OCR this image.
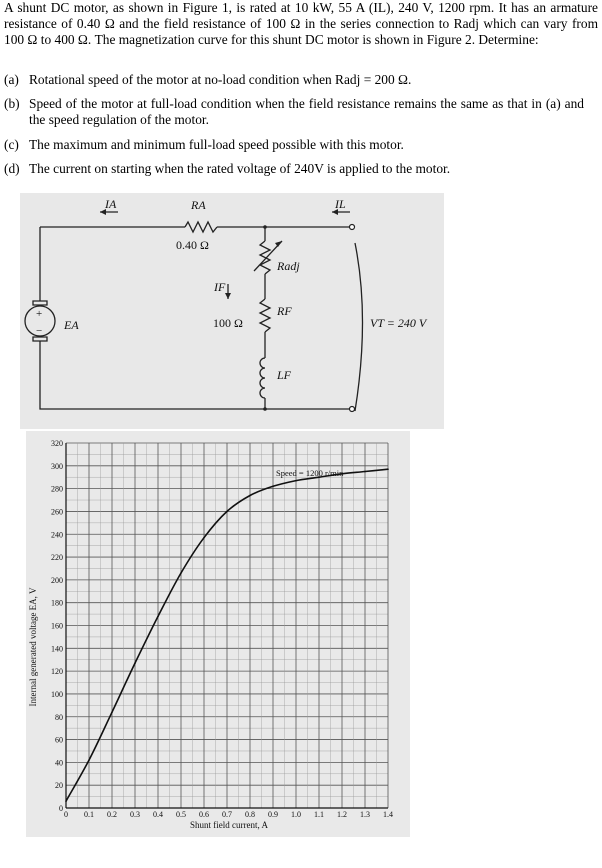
A shunt DC motor, as shown in Figure 1, is rated at 10 kW, 55 A (IL), 240 V, 1200 rpm. It has an armature resistance of 0.40 Ω and the field resistance of 100 Ω in the series connection to Radj which can vary from 100 Ω to 400 Ω. The magnetization curve for this shunt DC motor is shown in Figure 2. Determine:
(a) Rotational speed of the motor at no-load condition when Radj = 200 Ω.
(b) Speed of the motor at full-load condition when the field resistance remains the same as that in (a) and the speed regulation of the motor.
(c) The maximum and minimum full-load speed possible with this motor.
(d) The current on starting when the rated voltage of 240V is applied to the motor.
IA	RA	IL
Radj
IF
RF
LF
EA	VT = 240 V
0.40 Ω
100 Ω
+
−
0
20
40
60
80
100
120
140
160
180
200
220
240
260
280
300
320
0 0.1 0.2 0.3 0.4 0.5 0.6 0.7 0.8 0.9 1.0 1.1 1.2 1.3 1.4
Speed = 1200 r/min
Shunt field current, A
Internal generated voltage EA, V
